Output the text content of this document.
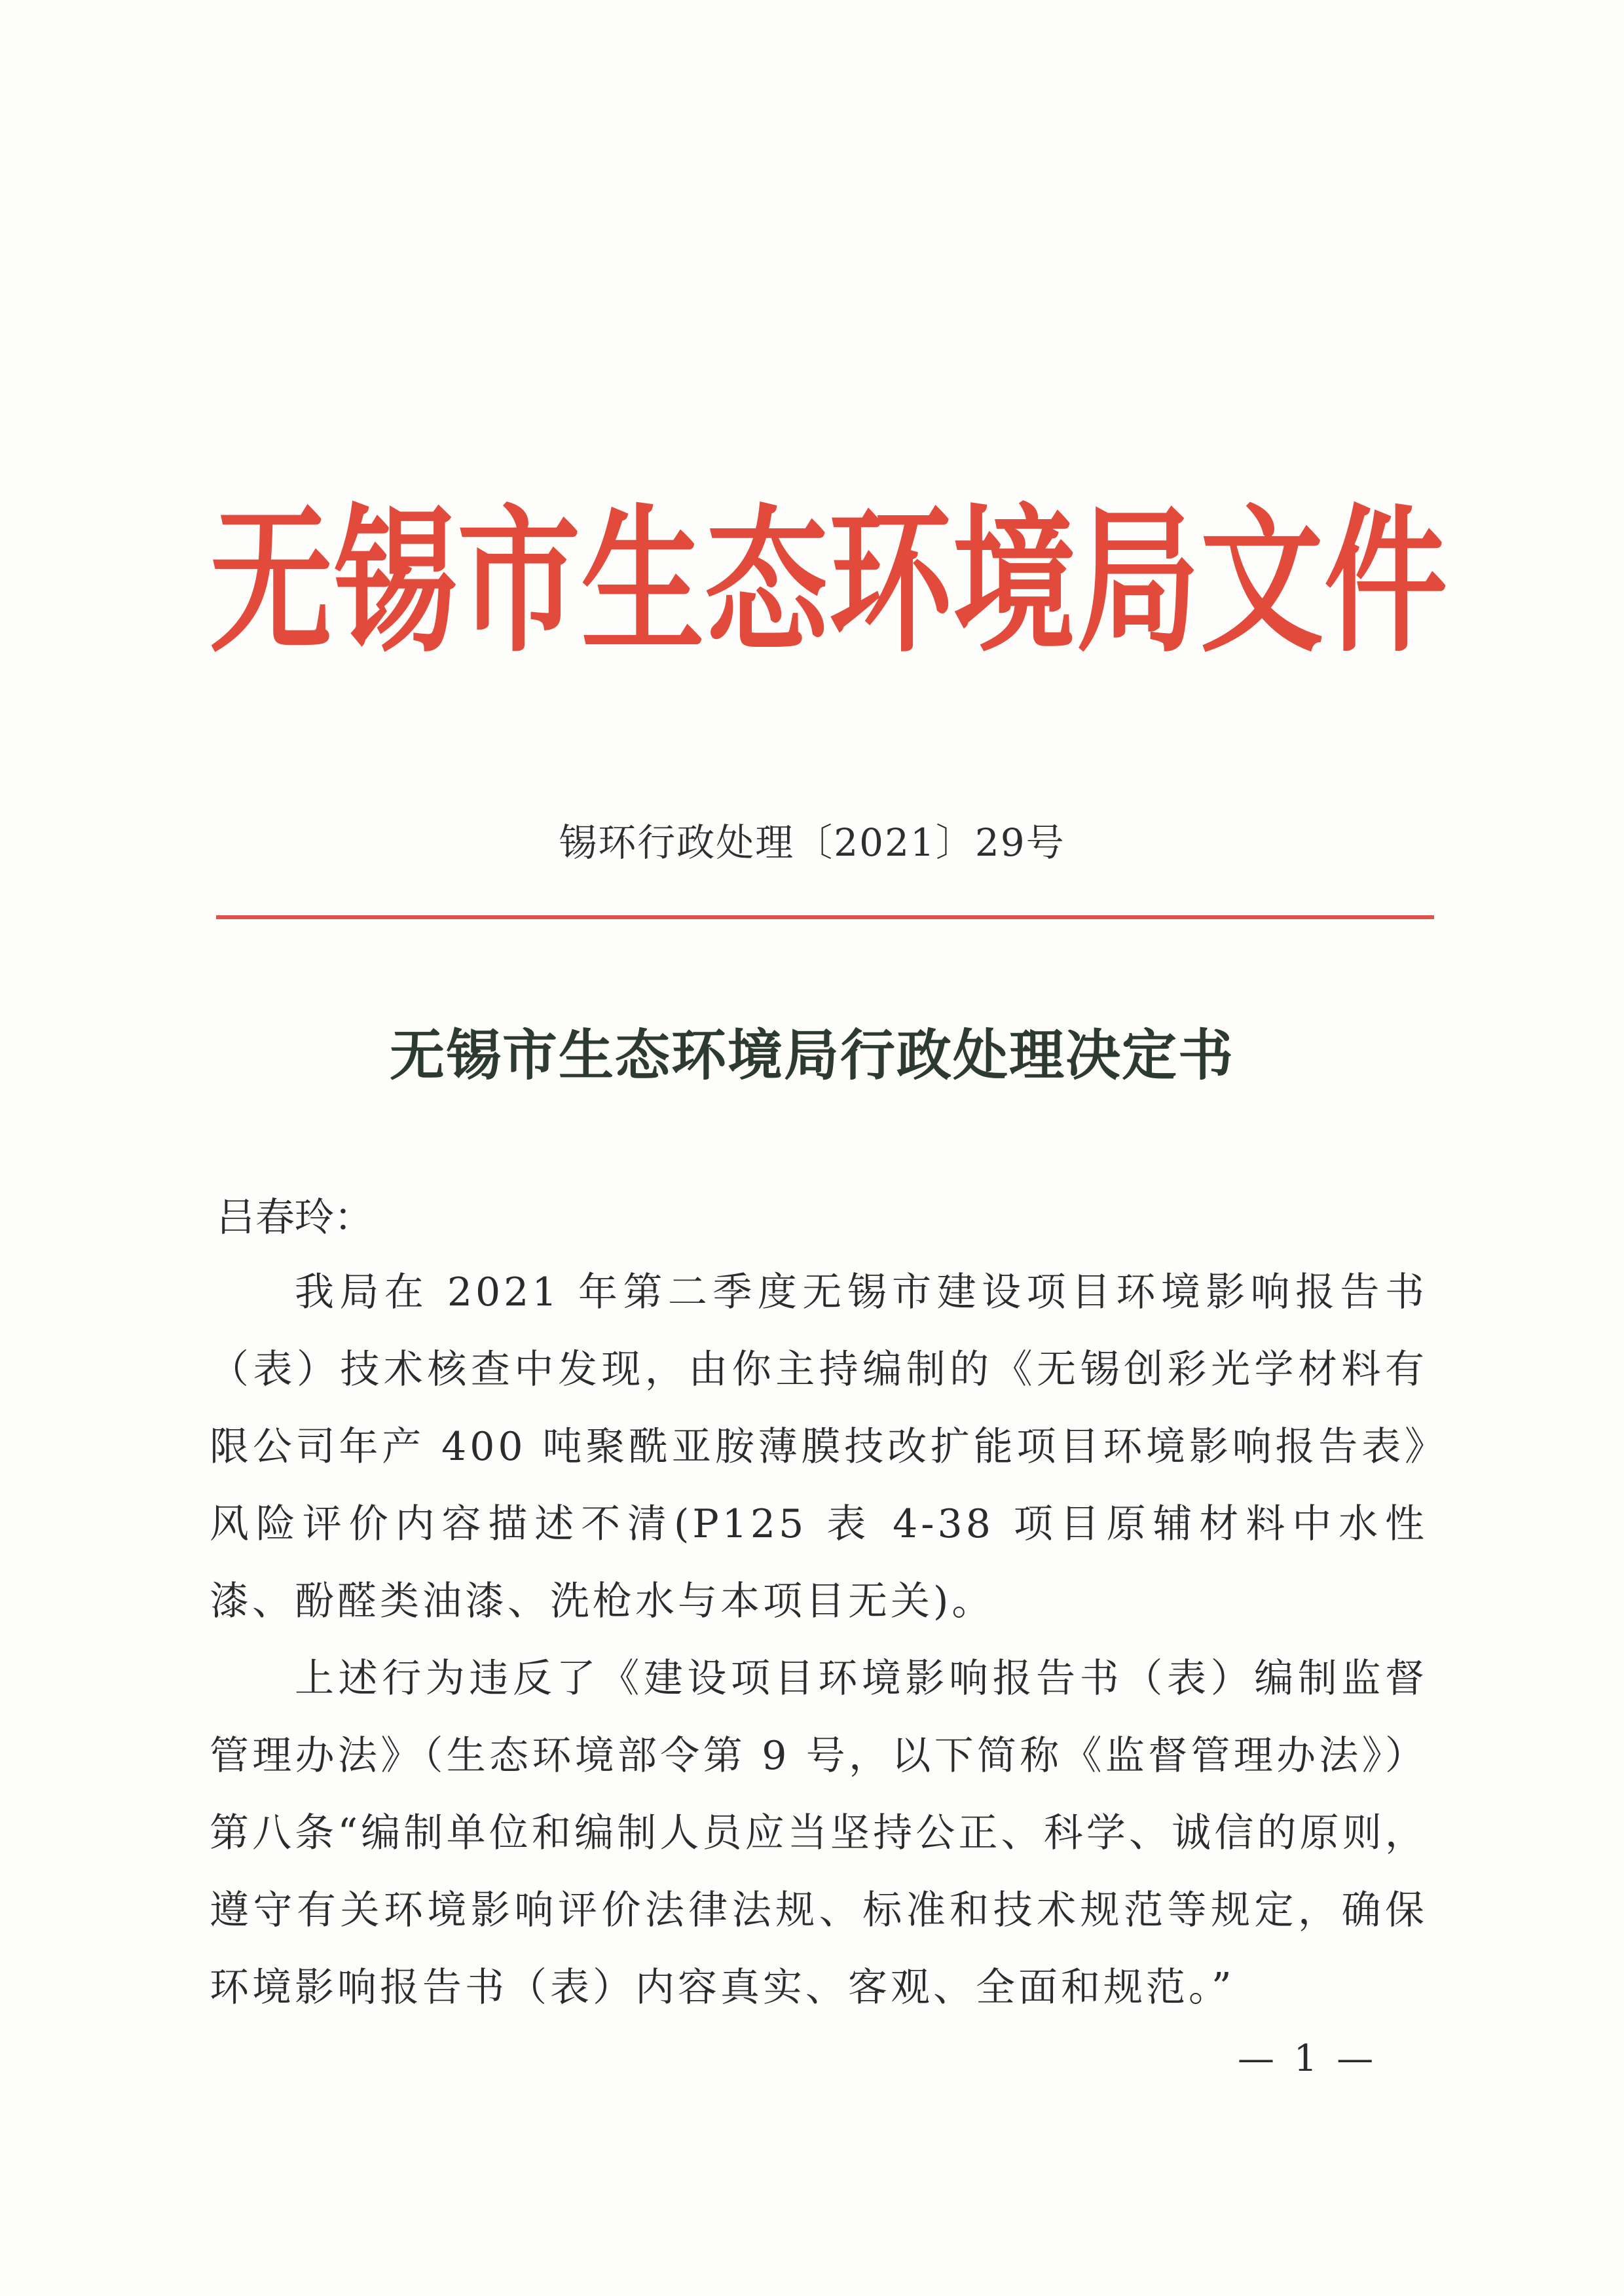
无 锡 市 生 态 环 境 局 文 件
锡环行政处理〔2021〕29号
无锡市生态环境局行政处理决定书
吕春玲：

我局在 2021 年第二季度无锡市建设项目环境影响报告书（表）技术核查中发现，由你主持编制的《无锡创彩光学材料有限公司年产 400 吨聚酰亚胺薄膜技改扩能项目环境影响报告表》风险评价内容描述不清(P125 表 4-38 项目原辅材料中水性漆、酚醛类油漆、洗枪水与本项目无关)。

上述行为违反了《建设项目环境影响报告书（表）编制监督管理办法》（生态环境部令第 9 号，以下简称《监督管理办法》）第八条“编制单位和编制人员应当坚持公正、科学、诚信的原则，遵守有关环境影响评价法律法规、标准和技术规范等规定，确保环境影响报告书（表）内容真实、客观、全面和规范。”

— 1 —
